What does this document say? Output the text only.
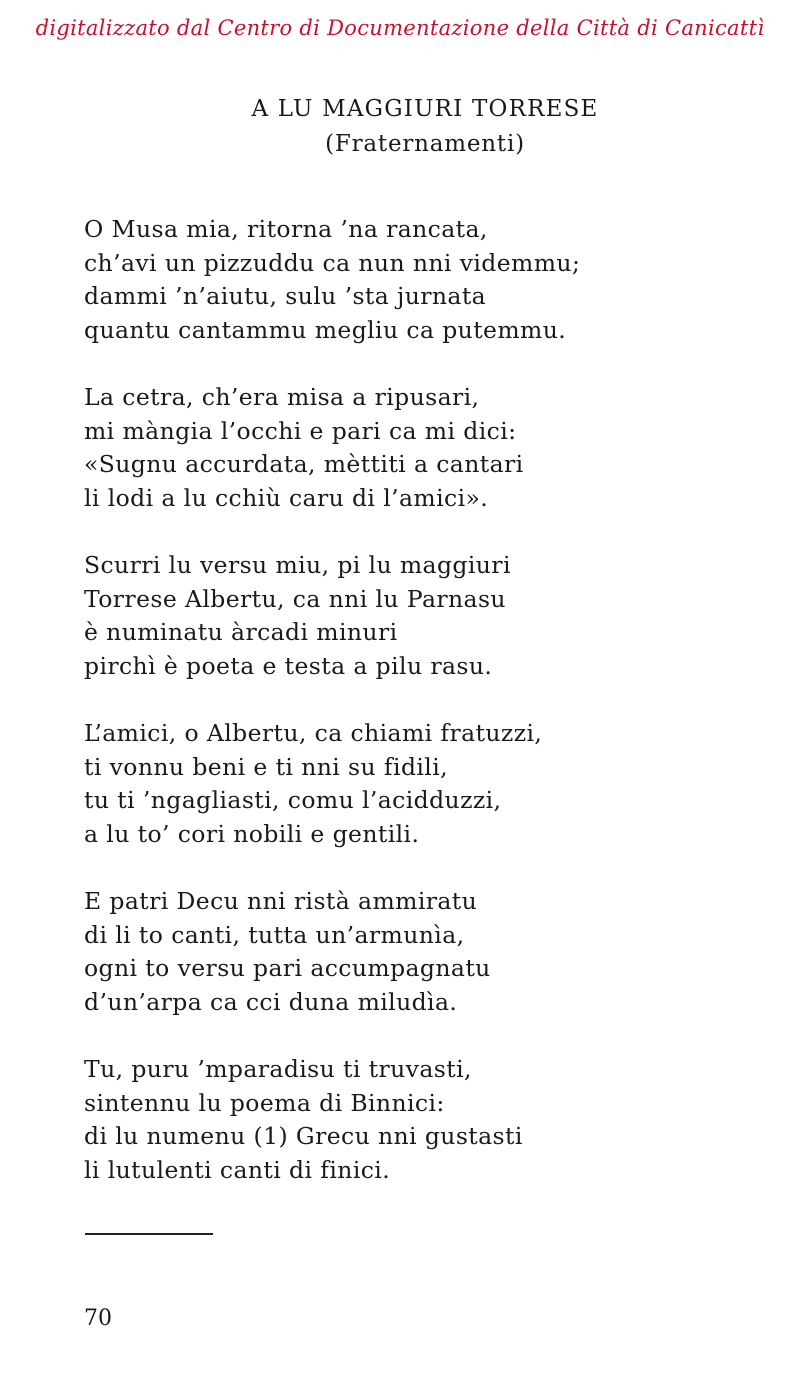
digitalizzato dal Centro di Documentazione della Città di Canicattì
A LU MAGGIURI TORRESE
(Fraternamenti)
O Musa mia, ritorna ’na rancata,
ch’avi un pizzuddu ca nun nni videmmu;
dammi ’n’aiutu, sulu ’sta jurnata
quantu cantammu megliu ca putemmu.
La cetra, ch’era misa a ripusari,
mi màngia l’occhi e pari ca mi dici:
«Sugnu accurdata, mèttiti a cantari
li lodi a lu cchiù caru di l’amici».
Scurri lu versu miu, pi lu maggiuri
Torrese Albertu, ca nni lu Parnasu
è numinatu àrcadi minuri
pirchì è poeta e testa a pilu rasu.
L’amici, o Albertu, ca chiami fratuzzi,
ti vonnu beni e ti nni su fidili,
tu ti ’ngagliasti, comu l’acidduzzi,
a lu to’ cori nobili e gentili.
E patri Decu nni ristà ammiratu
di li to canti, tutta un’armunìa,
ogni to versu pari accumpagnatu
d’un’arpa ca cci duna miludìa.
Tu, puru ’mparadisu ti truvasti,
sintennu lu poema di Binnici:
di lu numenu (1) Grecu nni gustasti
li lutulenti canti di finici.
70
